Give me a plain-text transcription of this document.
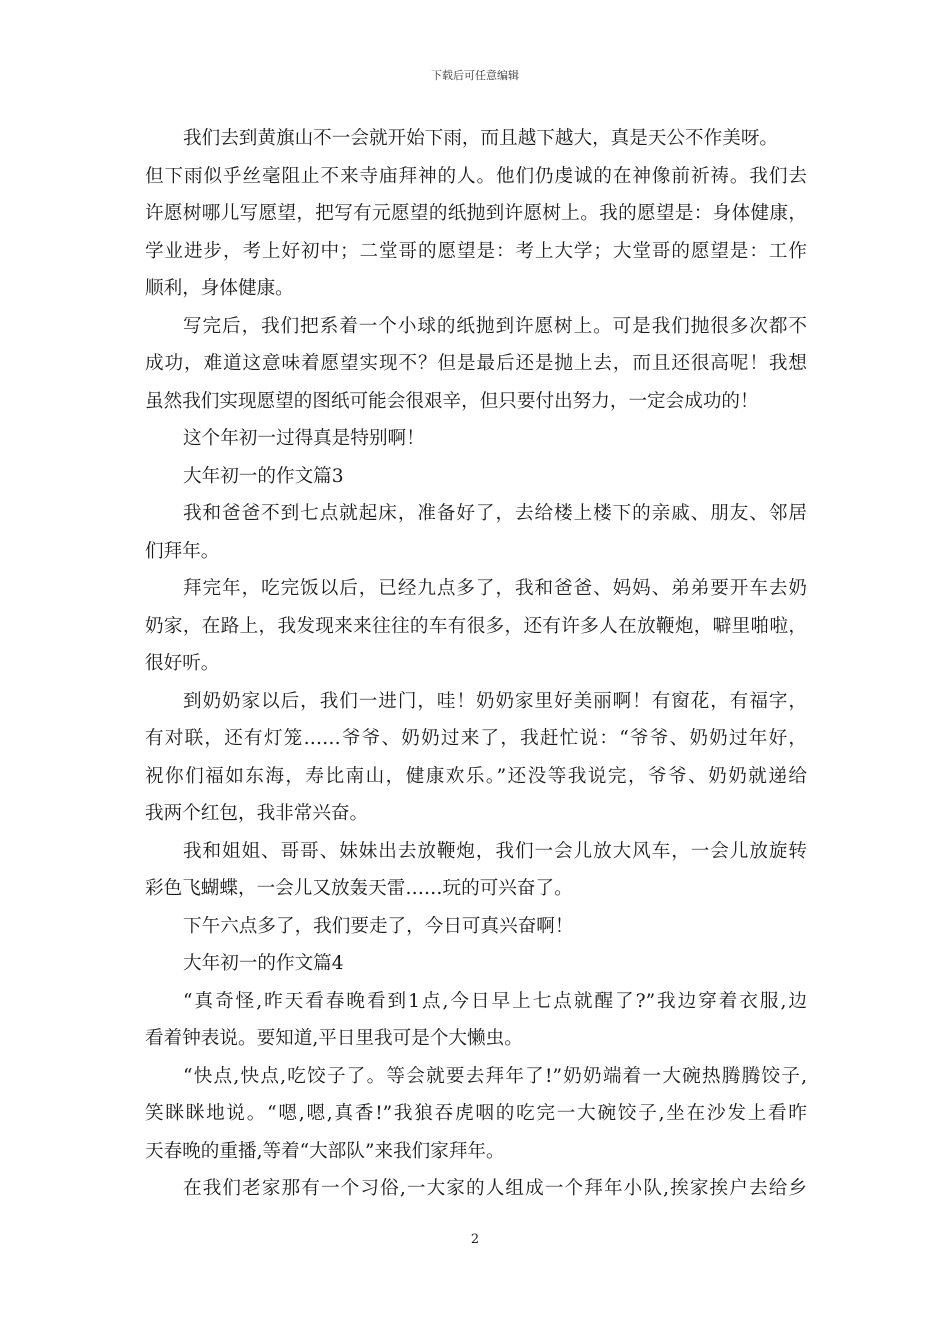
下载后可任意编辑
我们去到黄旗山不一会就开始下雨，而且越下越大，真是天公不作美呀。
但下雨似乎丝毫阻止不来寺庙拜神的人。他们仍虔诚的在神像前祈祷。我们去
许愿树哪儿写愿望，把写有元愿望的纸抛到许愿树上。我的愿望是：身体健康，
学业进步，考上好初中；二堂哥的愿望是：考上大学；大堂哥的愿望是：工作
顺利，身体健康。
写完后，我们把系着一个小球的纸抛到许愿树上。可是我们抛很多次都不
成功，难道这意味着愿望实现不？但是最后还是抛上去，而且还很高呢！我想
虽然我们实现愿望的图纸可能会很艰辛，但只要付出努力，一定会成功的！
这个年初一过得真是特别啊！
大年初一的作文篇3
我和爸爸不到七点就起床，准备好了，去给楼上楼下的亲戚、朋友、邻居
们拜年。
拜完年，吃完饭以后，已经九点多了，我和爸爸、妈妈、弟弟要开车去奶
奶家，在路上，我发现来来往往的车有很多，还有许多人在放鞭炮，噼里啪啦，
很好听。
到奶奶家以后，我们一进门，哇！奶奶家里好美丽啊！有窗花，有福字，
有对联，还有灯笼……爷爷、奶奶过来了，我赶忙说：“爷爷、奶奶过年好，
祝你们福如东海，寿比南山，健康欢乐。”还没等我说完，爷爷、奶奶就递给
我两个红包，我非常兴奋。
我和姐姐、哥哥、妹妹出去放鞭炮，我们一会儿放大风车，一会儿放旋转
彩色飞蝴蝶，一会儿又放轰天雷……玩的可兴奋了。
下午六点多了，我们要走了，今日可真兴奋啊！
大年初一的作文篇4
“真奇怪,昨天看春晚看到1点,今日早上七点就醒了?”我边穿着衣服,边
看着钟表说。要知道,平日里我可是个大懒虫。
“快点,快点,吃饺子了。等会就要去拜年了!”奶奶端着一大碗热腾腾饺子,
笑眯眯地说。“嗯,嗯,真香!”我狼吞虎咽的吃完一大碗饺子,坐在沙发上看昨
天春晚的重播,等着“大部队”来我们家拜年。
在我们老家那有一个习俗,一大家的人组成一个拜年小队,挨家挨户去给乡
2
